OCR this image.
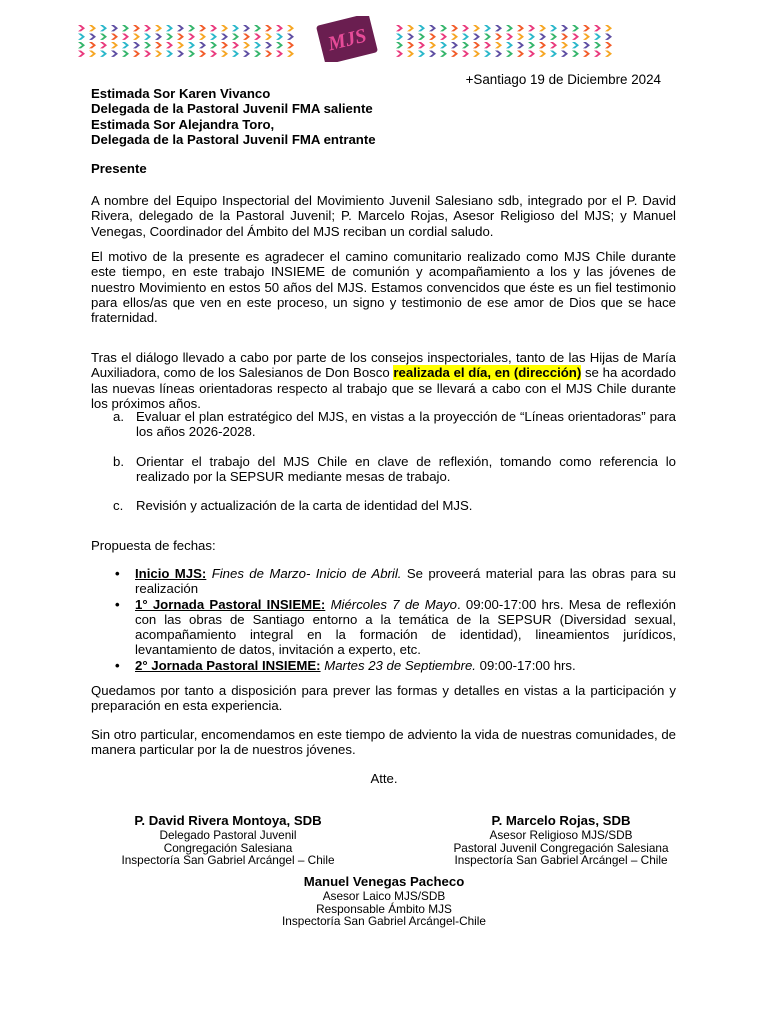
MJS
+Santiago 19 de Diciembre 2024
Estimada Sor Karen Vivanco
Delegada de la Pastoral Juvenil FMA saliente
Estimada Sor Alejandra Toro,
Delegada de la Pastoral Juvenil FMA entrante
Presente
A nombre del Equipo Inspectorial del Movimiento Juvenil Salesiano sdb, integrado por el P. David Rivera, delegado de la Pastoral Juvenil; P. Marcelo Rojas, Asesor Religioso del MJS; y Manuel Venegas, Coordinador del Ámbito del MJS reciban un cordial saludo.
El motivo de la presente es agradecer el camino comunitario realizado como MJS Chile durante este tiempo, en este trabajo INSIEME de comunión y acompañamiento a los y las jóvenes de nuestro Movimiento en estos 50 años del MJS. Estamos convencidos que éste es un fiel testimonio para ellos/as que ven en este proceso, un signo y testimonio de ese amor de Dios que se hace fraternidad.
Tras el diálogo llevado a cabo por parte de los consejos inspectoriales, tanto de las Hijas de María Auxiliadora, como de los Salesianos de Don Bosco realizada el día, en (dirección) se ha acordado las nuevas líneas orientadoras respecto al trabajo que se llevará a cabo con el MJS Chile durante los próximos años.
a. Evaluar el plan estratégico del MJS, en vistas a la proyección de “Líneas orientadoras” para los años 2026-2028.
b. Orientar el trabajo del MJS Chile en clave de reflexión, tomando como referencia lo realizado por la SEPSUR mediante mesas de trabajo.
c. Revisión y actualización de la carta de identidad del MJS.
Propuesta de fechas:
•	Inicio MJS: Fines de Marzo- Inicio de Abril. Se proveerá material para las obras para su realización
•	1° Jornada Pastoral INSIEME: Miércoles 7 de Mayo. 09:00-17:00 hrs. Mesa de reflexión con las obras de Santiago entorno a la temática de la SEPSUR (Diversidad sexual, acompañamiento integral en la formación de identidad), lineamientos jurídicos, levantamiento de datos, invitación a experto, etc.
•	2° Jornada Pastoral INSIEME: Martes 23 de Septiembre. 09:00-17:00 hrs.
Quedamos por tanto a disposición para prever las formas y detalles en vistas a la participación y preparación en esta experiencia.
Sin otro particular, encomendamos en este tiempo de adviento la vida de nuestras comunidades, de manera particular por la de nuestros jóvenes.
Atte.
P. David Rivera Montoya, SDB
Delegado Pastoral Juvenil
Congregación Salesiana
Inspectoría San Gabriel Arcángel – Chile
P. Marcelo Rojas, SDB
Asesor Religioso MJS/SDB
Pastoral Juvenil Congregación Salesiana
Inspectoría San Gabriel Arcángel – Chile
Manuel Venegas Pacheco
Asesor Laico MJS/SDB
Responsable Ámbito MJS
Inspectoría San Gabriel Arcángel-Chile
